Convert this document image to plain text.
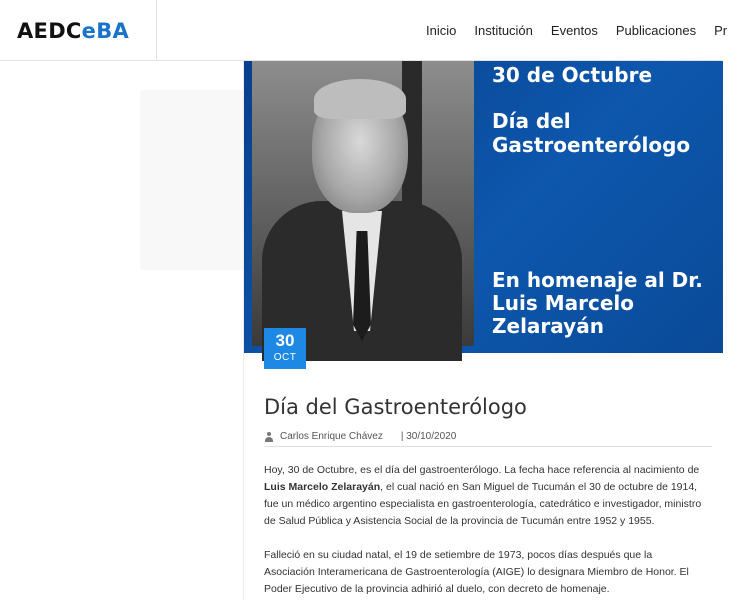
AEDCeBA	Inicio Institución Eventos Publicaciones Pr
30 de Octubre
Día del Gastroenterólogo
En homenaje al Dr. Luis Marcelo Zelarayán
30
OCT
Día del Gastroenterólogo
Carlos Enrique Chávez | 30/10/2020

Hoy, 30 de Octubre, es el día del gastroenterólogo. La fecha hace referencia al nacimiento de Luis Marcelo Zelarayán, el cual nació en San Miguel de Tucumán el 30 de octubre de 1914, fue un médico argentino especialista en gastroenterología, catedrático e investigador, ministro de Salud Pública y Asistencia Social de la provincia de Tucumán entre 1952 y 1955.

Falleció en su ciudad natal, el 19 de setiembre de 1973, pocos días después que la Asociación Interamericana de Gastroenterología (AIGE) lo designara Miembro de Honor. El Poder Ejecutivo de la provincia adhirió al duelo, con decreto de homenaje.
